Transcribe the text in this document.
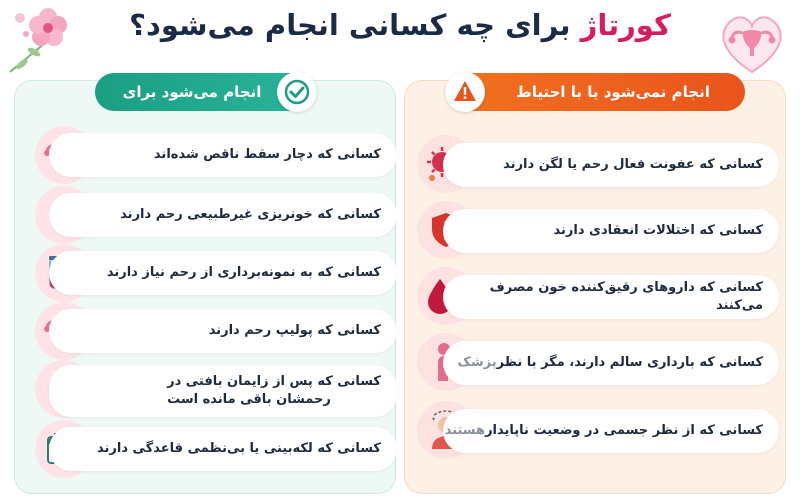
کورتاژ برای چه کسانی انجام می‌شود؟
انجام می‌شود برای
کسانی که دچار سقط ناقص شده‌اند
کسانی که خونریزی غیرطبیعی رحم دارند
کسانی که به نمونه‌برداری از رحم نیاز دارند
کسانی که پولیپ رحم دارند
کسانی که پس از زایمان بافتی در
رحمشان باقی مانده است
کسانی که لکه‌بینی یا بی‌نظمی قاعدگی دارند
انجام نمی‌شود یا با احتیاط
کسانی که عفونت فعال رحم یا لگن دارند
کسانی که اختلالات انعقادی دارند
کسانی که داروهای رقیق‌کننده خون مصرف می‌کنند
کسانی که بارداری سالم دارند، مگر با نظر
پزشک
✦
کسانی که از نظر جسمی در وضعیت ناپایدار
هستند
